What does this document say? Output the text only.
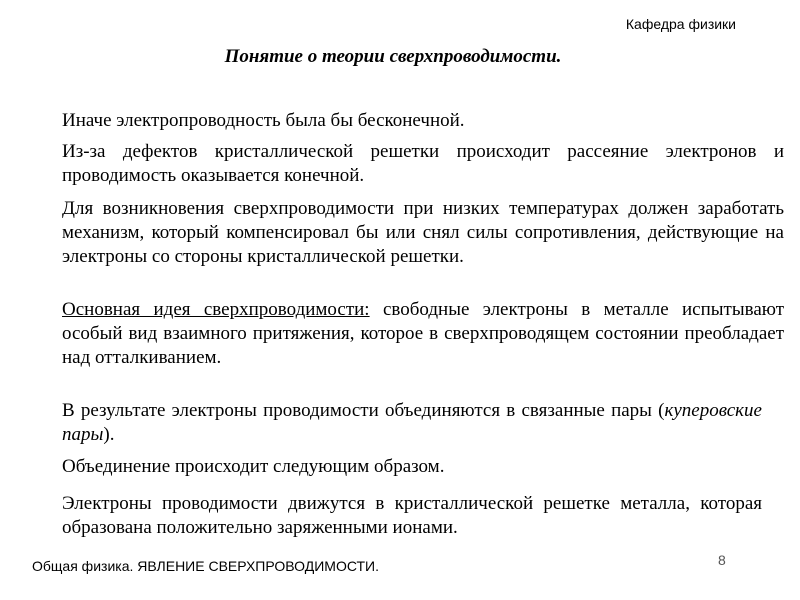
Кафедра физики
Понятие о теории сверхпроводимости.
Иначе электропроводность была бы бесконечной.
Из-за дефектов кристаллической решетки происходит рассеяние электронов и проводимость оказывается конечной.
Для возникновения сверхпроводимости при низких температурах должен заработать механизм, который компенсировал бы или снял силы сопротивления, действующие на электроны со стороны кристаллической решетки.
Основная идея сверхпроводимости: свободные электроны в металле испытывают особый вид взаимного притяжения, которое в сверхпроводящем состоянии преобладает над отталкиванием.
В результате электроны проводимости объединяются в связанные пары (куперовские пары).
Объединение происходит следующим образом.
Электроны проводимости движутся в кристаллической решетке металла, которая образована положительно заряженными ионами.
Общая физика. ЯВЛЕНИЕ СВЕРХПРОВОДИМОСТИ.	8
